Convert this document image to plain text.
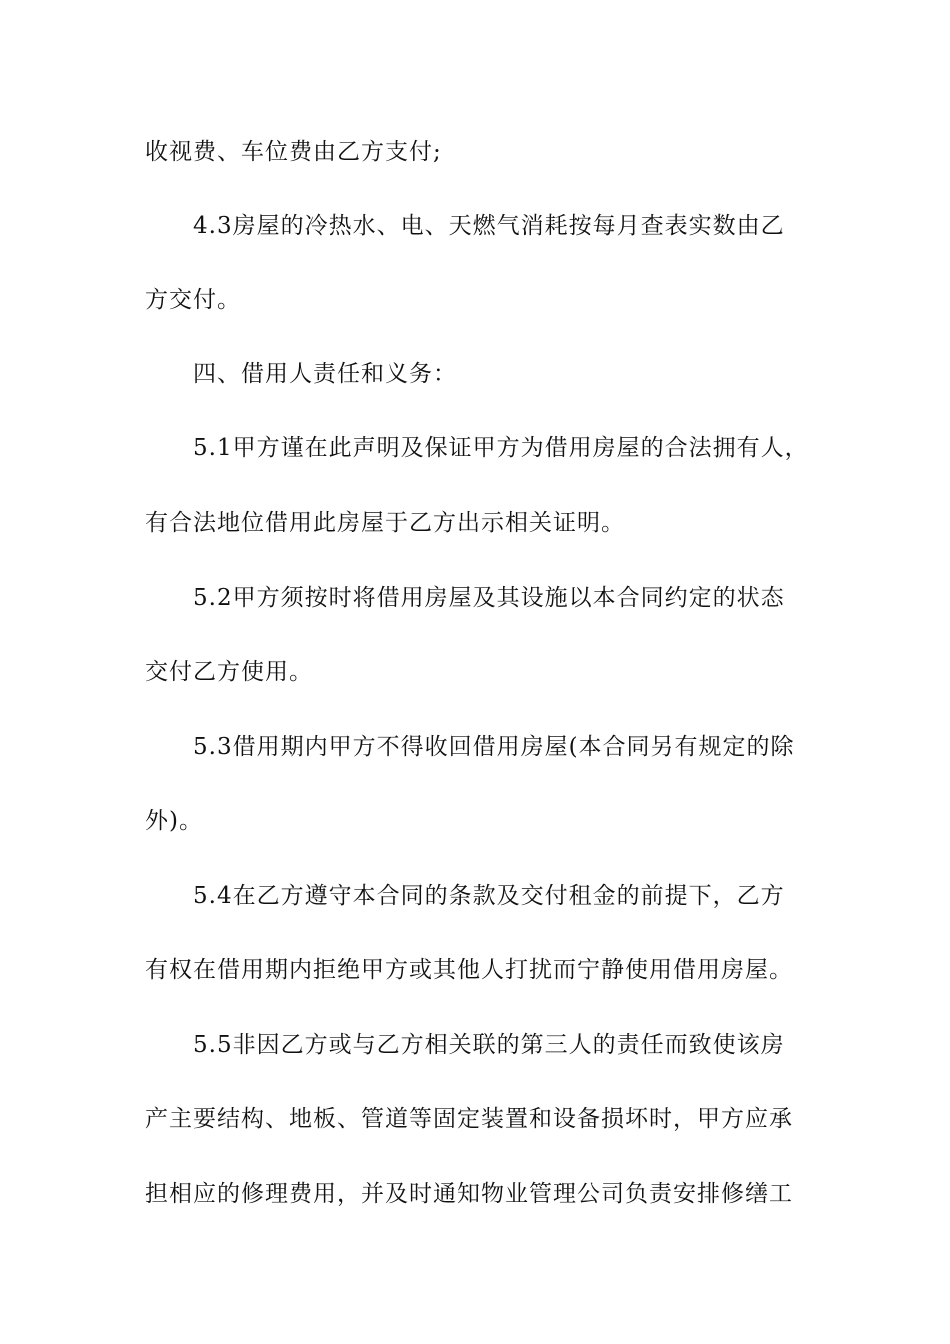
收视费、车位费由乙方支付;
4.3房屋的冷热水、电、天燃气消耗按每月查表实数由乙
方交付。
四、借用人责任和义务：
5.1甲方谨在此声明及保证甲方为借用房屋的合法拥有人，
有合法地位借用此房屋于乙方出示相关证明。
5.2甲方须按时将借用房屋及其设施以本合同约定的状态
交付乙方使用。
5.3借用期内甲方不得收回借用房屋(本合同另有规定的除
外)。
5.4在乙方遵守本合同的条款及交付租金的前提下，乙方
有权在借用期内拒绝甲方或其他人打扰而宁静使用借用房屋。
5.5非因乙方或与乙方相关联的第三人的责任而致使该房
产主要结构、地板、管道等固定装置和设备损坏时，甲方应承
担相应的修理费用，并及时通知物业管理公司负责安排修缮工
